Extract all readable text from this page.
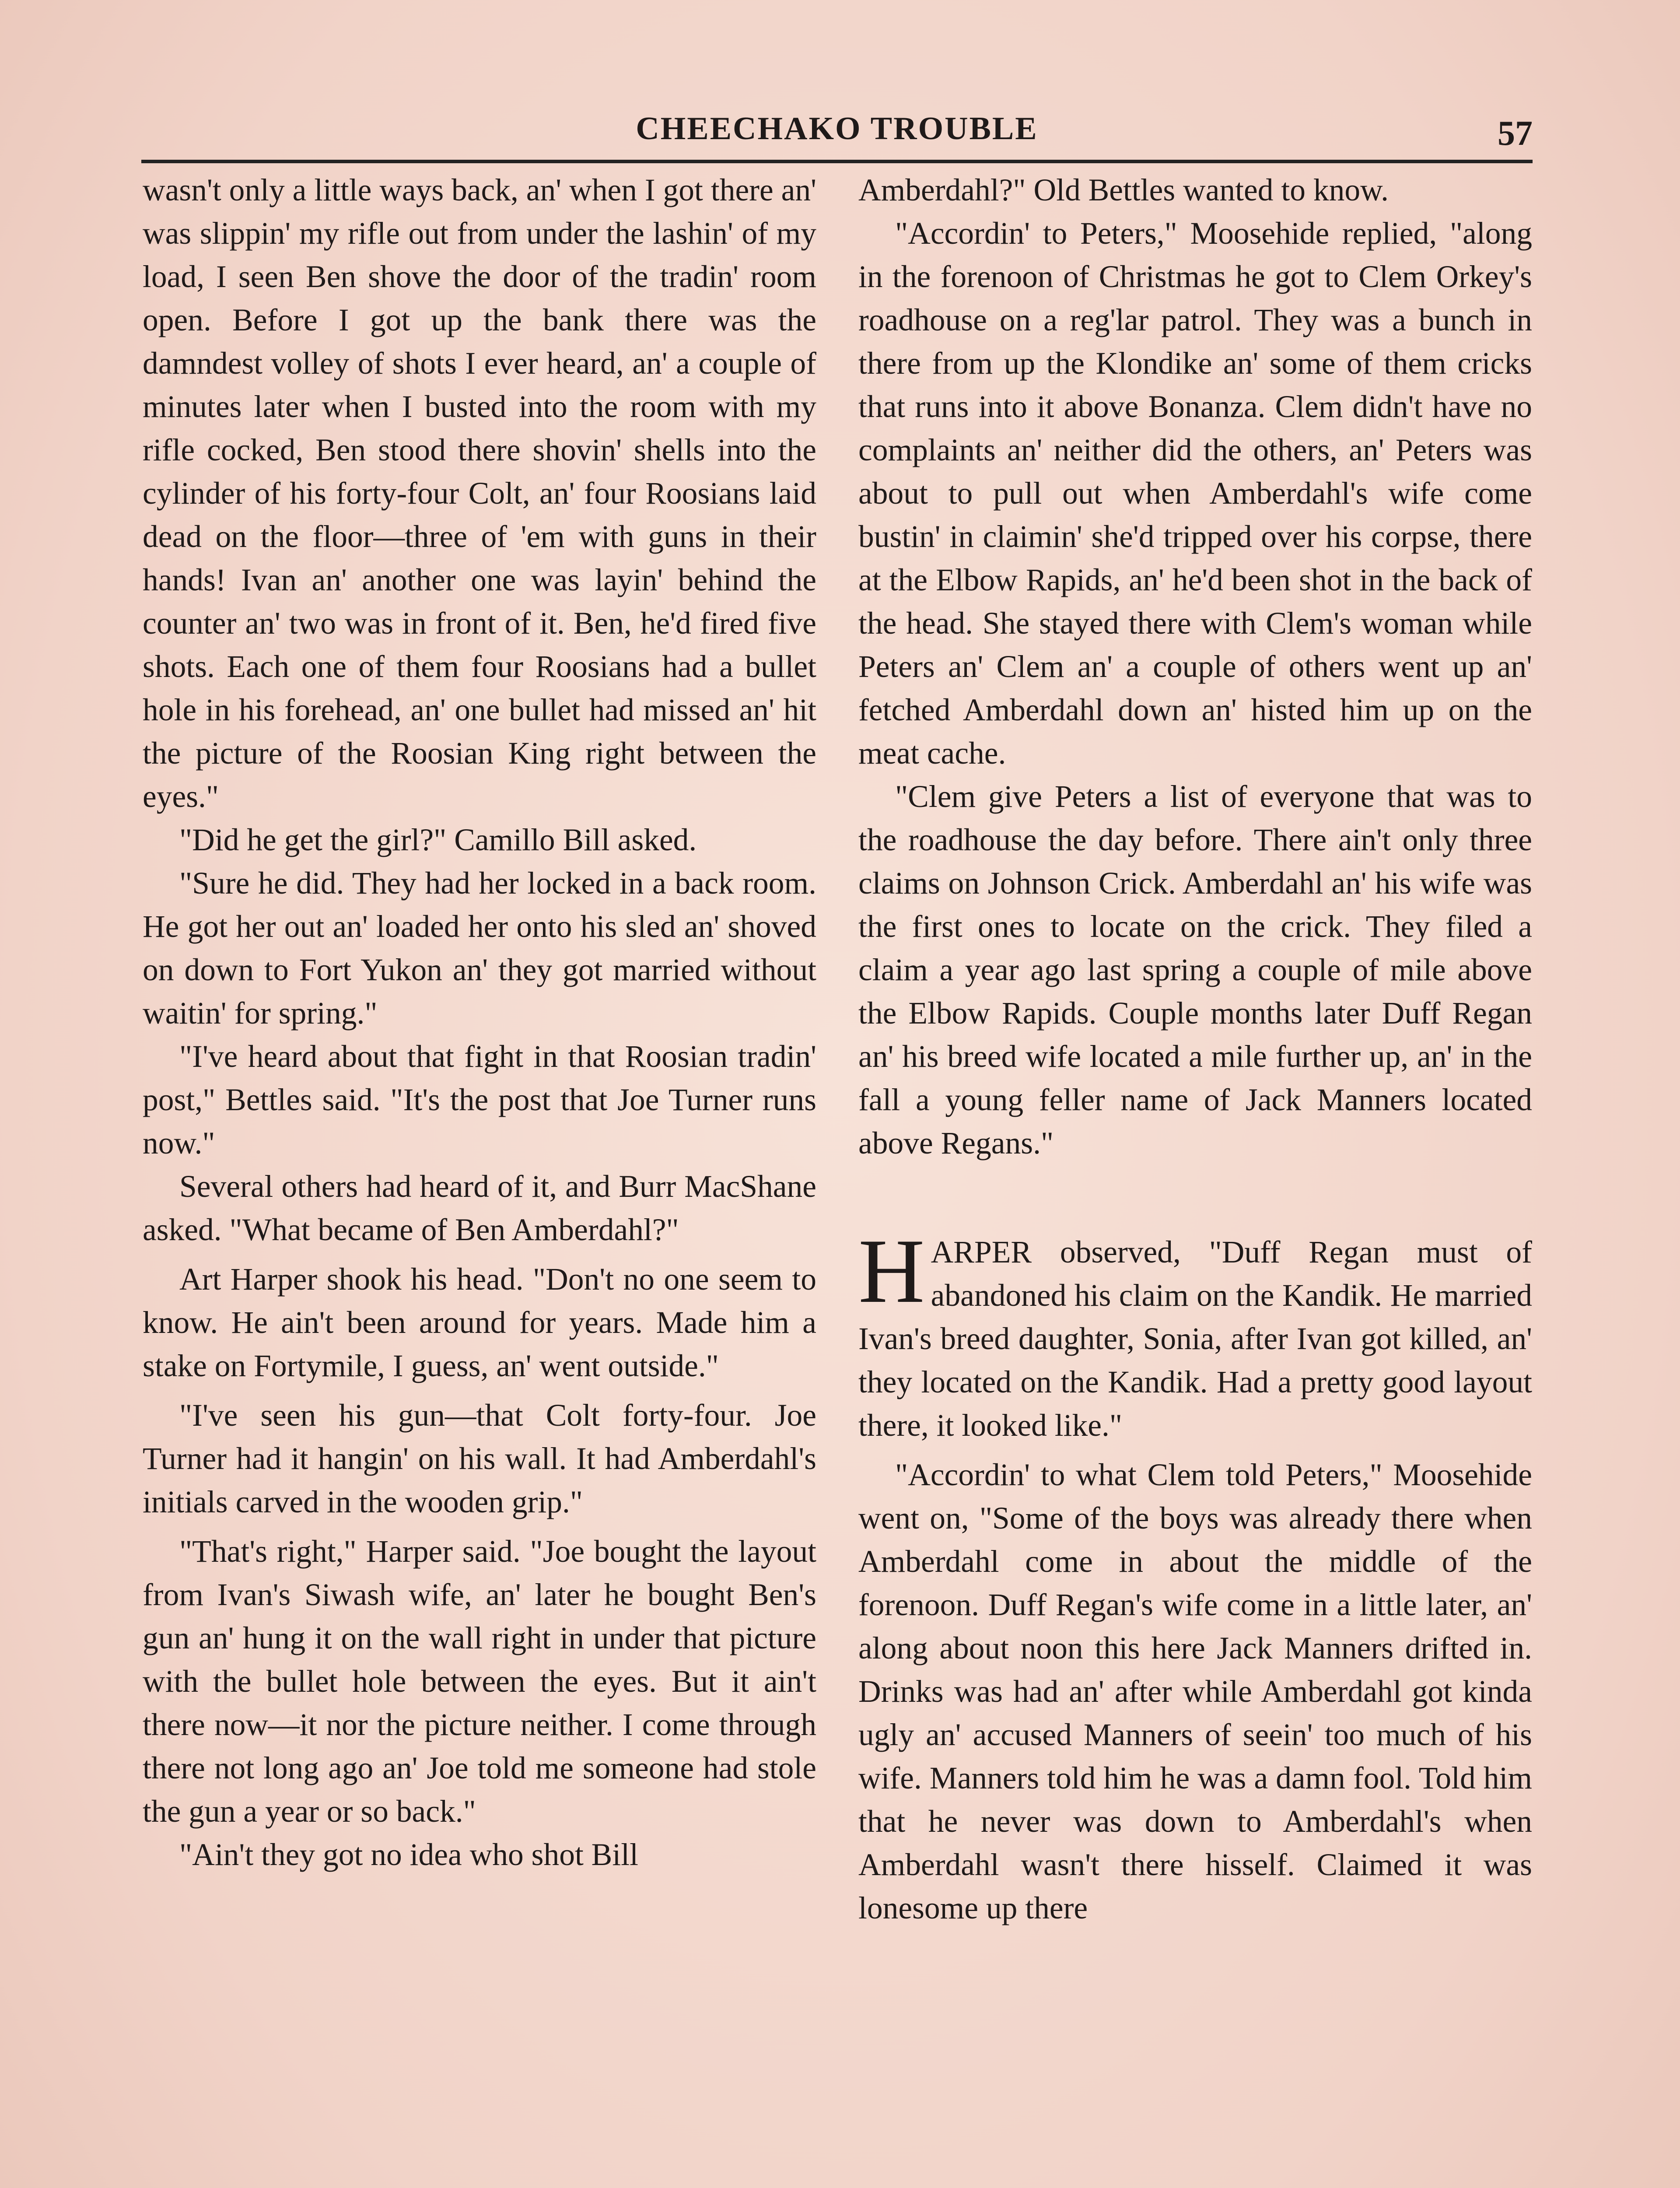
CHEECHAKO TROUBLE	57

wasn't only a little ways back, an' when I got there an' was slippin' my rifle out from under the lashin' of my load, I seen Ben shove the door of the tradin' room open. Before I got up the bank there was the damndest volley of shots I ever heard, an' a couple of minutes later when I busted into the room with my rifle cocked, Ben stood there shovin' shells into the cylinder of his forty-four Colt, an' four Roosians laid dead on the floor—three of 'em with guns in their hands! Ivan an' another one was layin' behind the counter an' two was in front of it. Ben, he'd fired five shots. Each one of them four Roosians had a bullet hole in his forehead, an' one bullet had missed an' hit the picture of the Roosian King right between the eyes."

"Did he get the girl?" Camillo Bill asked.

"Sure he did. They had her locked in a back room. He got her out an' loaded her onto his sled an' shoved on down to Fort Yukon an' they got married without waitin' for spring."

"I've heard about that fight in that Roosian tradin' post," Bettles said. "It's the post that Joe Turner runs now."

Several others had heard of it, and Burr MacShane asked. "What became of Ben Amberdahl?"

Art Harper shook his head. "Don't no one seem to know. He ain't been around for years. Made him a stake on Fortymile, I guess, an' went outside."

"I've seen his gun—that Colt forty-four. Joe Turner had it hangin' on his wall. It had Amberdahl's initials carved in the wooden grip."

"That's right," Harper said. "Joe bought the layout from Ivan's Siwash wife, an' later he bought Ben's gun an' hung it on the wall right in under that picture with the bullet hole between the eyes. But it ain't there now—it nor the picture neither. I come through there not long ago an' Joe told me someone had stole the gun a year or so back."

"Ain't they got no idea who shot Bill

Amberdahl?" Old Bettles wanted to know.

"Accordin' to Peters," Moosehide replied, "along in the forenoon of Christmas he got to Clem Orkey's roadhouse on a reg'lar patrol. They was a bunch in there from up the Klondike an' some of them cricks that runs into it above Bonanza. Clem didn't have no complaints an' neither did the others, an' Peters was about to pull out when Amberdahl's wife come bustin' in claimin' she'd tripped over his corpse, there at the Elbow Rapids, an' he'd been shot in the back of the head. She stayed there with Clem's woman while Peters an' Clem an' a couple of others went up an' fetched Amberdahl down an' histed him up on the meat cache.

"Clem give Peters a list of everyone that was to the roadhouse the day before. There ain't only three claims on Johnson Crick. Amberdahl an' his wife was the first ones to locate on the crick. They filed a claim a year ago last spring a couple of mile above the Elbow Rapids. Couple months later Duff Regan an' his breed wife located a mile further up, an' in the fall a young feller name of Jack Manners located above Regans."

HARPER observed, "Duff Regan must of abandoned his claim on the Kandik. He married Ivan's breed daughter, Sonia, after Ivan got killed, an' they located on the Kandik. Had a pretty good layout there, it looked like."

"Accordin' to what Clem told Peters," Moosehide went on, "Some of the boys was already there when Amberdahl come in about the middle of the forenoon. Duff Regan's wife come in a little later, an' along about noon this here Jack Manners drifted in. Drinks was had an' after while Amberdahl got kinda ugly an' accused Manners of seein' too much of his wife. Manners told him he was a damn fool. Told him that he never was down to Amberdahl's when Amberdahl wasn't there hisself. Claimed it was lonesome up there
